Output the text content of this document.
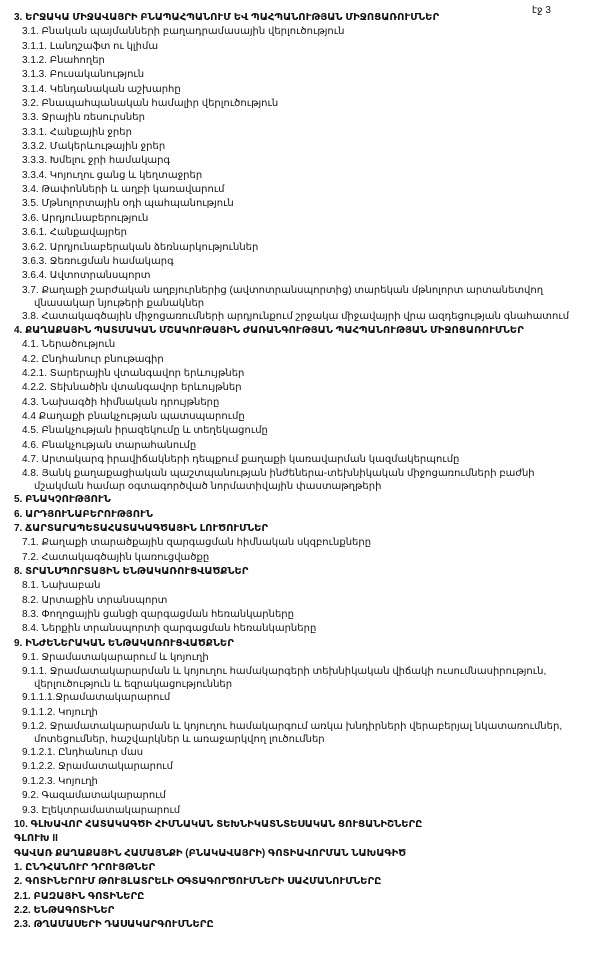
էջ 3
3. ԵՐՋԱԿԱ ՄԻՋԱՎԱՅՐԻ ԲՆԱՊԱՀՊԱՆՈՒՄ ԵՎ ՊԱՀՊԱՆՈՒԹՅԱՆ ՄԻՋՈՑԱՌՈՒՄՆԵՐ
3.1. Բնական պայմանների բաղադրամասային վերլուծություն
3.1.1. Լանդշաֆտ ու կլիմա
3.1.2. Բնահողեր
3.1.3. Բուսականություն
3.1.4. Կենդանական աշխարհը
3.2. Բնապահպանական համալիր վերլուծություն
3.3. Ջրային ռեսուրսներ
3.3.1. Հանքային ջրեր
3.3.2. Մակերևութային ջրեր
3.3.3. Խմելու ջրի համակարգ
3.3.4. Կոյուղու ցանց և կեղտաջրեր
3.4. Թափոնների և աղբի կառավարում
3.5. Մթնոլորտային օդի պահպանություն
3.6. Արդյունաբերություն
3.6.1. Հանքավայրեր
3.6.2. Արդյունաբերական ձեռնարկություններ
3.6.3. Ջեռուցման համակարգ
3.6.4. Ավտոտրանսպորտ
3.7. Քաղաքի շարժական աղբյուրներից (ավտոտրանսպորտից) տարեկան մթնոլորտ արտանետվող վնասակար նյութերի քանակներ
3.8. Հատակագծային միջոցառումների արդյունքում շրջակա միջավայրի վրա ազդեցության գնահատում
4. ՔԱՂԱՔԱՅԻՆ ՊԱՏՄԱԿԱՆ ՄՇԱԿՈՒԹԱՅԻՆ ԺԱՌԱՆԳՈՒԹՅԱՆ ՊԱՀՊԱՆՈՒԹՅԱՆ ՄԻՋՈՑԱՌՈՒՄՆԵՐ
4.1. Ներածություն
4.2. Ընդհանուր բնութագիր
4.2.1. Տարերային վտանգավոր երևույթներ
4.2.2. Տեխնածին վտանգավոր երևույթներ
4.3. Նախագծի հիմնական դրույթները
4.4 Քաղաքի բնակչության պատսպարումը
4.5. Բնակչության իրազեկումը և տեղեկացումը
4.6. Բնակչության տարահանումը
4.7. Արտակարգ իրավիճակների դեպքում քաղաքի կառավարման կազմակերպումը
4.8. Յանկ քաղաքացիական պաշտպանության ինժեներա-տեխնիկական միջոցառումների բաժնի մշակման համար օգտագործված նորմատիվային փաստաթղթերի
5. ԲՆԱԿՉՈՒԹՅՈՒՆ
6. ԱՐԴՅՈՒՆԱԲԵՐՈՒԹՅՈՒՆ
7. ՃԱՐՏԱՐԱՊԵՏԱՀԱՏԱԿԱԳԾԱՅԻՆ ԼՈՒԾՈՒՄՆԵՐ
7.1. Քաղաքի տարածքային զարգացման հիմնական սկզբունքները
7.2. Հատակագծային կառուցվածքը
8. ՏՐԱՆՍՊՈՐՏԱՅԻՆ ԵՆԹԱԿԱՌՈՒՑՎԱԾՔՆԵՐ
8.1. Նախաբան
8.2. Արտաքին տրանսպորտ
8.3. Փողոցային ցանցի զարգացման հեռանկարները
8.4. Ներքին տրանսպորտի զարգացման հեռանկարները
9. ԻՆԺԵՆԵՐԱԿԱՆ ԵՆԹԱԿԱՌՈՒՑՎԱԾՔՆԵՐ
9.1. Ջրամատակարարում և կոյուղի
9.1.1. Ջրամատակարարման և կոյուղու համակարգերի տեխնիկական վիճակի ուսումնասիրություն, վերլուծություն և եզրակացություններ
9.1.1.1.Ջրամատակարարում
9.1.1.2. Կոյուղի
9.1.2. Ջրամատակարարման և կոյուղու համակարգում առկա խնդիրների վերաբերյալ նկատառումներ, մոտեցումներ, հաշվարկներ և առաջարկվող լուծումներ
9.1.2.1. Ընդհանուր մաս
9.1.2.2. Ջրամատակարարում
9.1.2.3. Կոյուղի
9.2. Գազամատակարարում
9.3. Էլեկտրամատակարարում
10. ԳԼԽԱՎՈՐ ՀԱՏԱԿԱԳԾԻ ՀԻՄՆԱԿԱՆ ՏԵԽՆԻԿԱՏՆՏԵՍԱԿԱՆ ՑՈՒՑԱՆԻՇՆԵՐԸ
ԳԼՈՒԽ II
ԳԱՎԱՌ ՔԱՂԱՔԱՅԻՆ ՀԱՄԱՅՆՔԻ (ԲՆԱԿԱՎԱՅՐԻ) ԳՈՏԻԱՎՈՐՄԱՆ ՆԱԽԱԳԻԾ
1. ԸՆԴՀԱՆՈՒՐ ԴՐՈՒՅԹՆԵՐ
2. ԳՈՏԻՆԵՐՈՒՄ ԹՈՒՅԼԱՏՐԵԼԻ ՕԳՏԱԳՈՐԾՈՒՄՆԵՐԻ ՍԱՀՄԱՆՈՒՄՆԵՐԸ
2.1. ԲԱԶԱՅԻՆ ԳՈՏԻՆԵՐԸ
2.2. ԵՆԹԱԳՈՏԻՆԵՐ
2.3. ԹՂԱՄԱՍԵՐԻ ԴԱՍԱԿԱՐԳՈՒՄՆԵՐԸ
